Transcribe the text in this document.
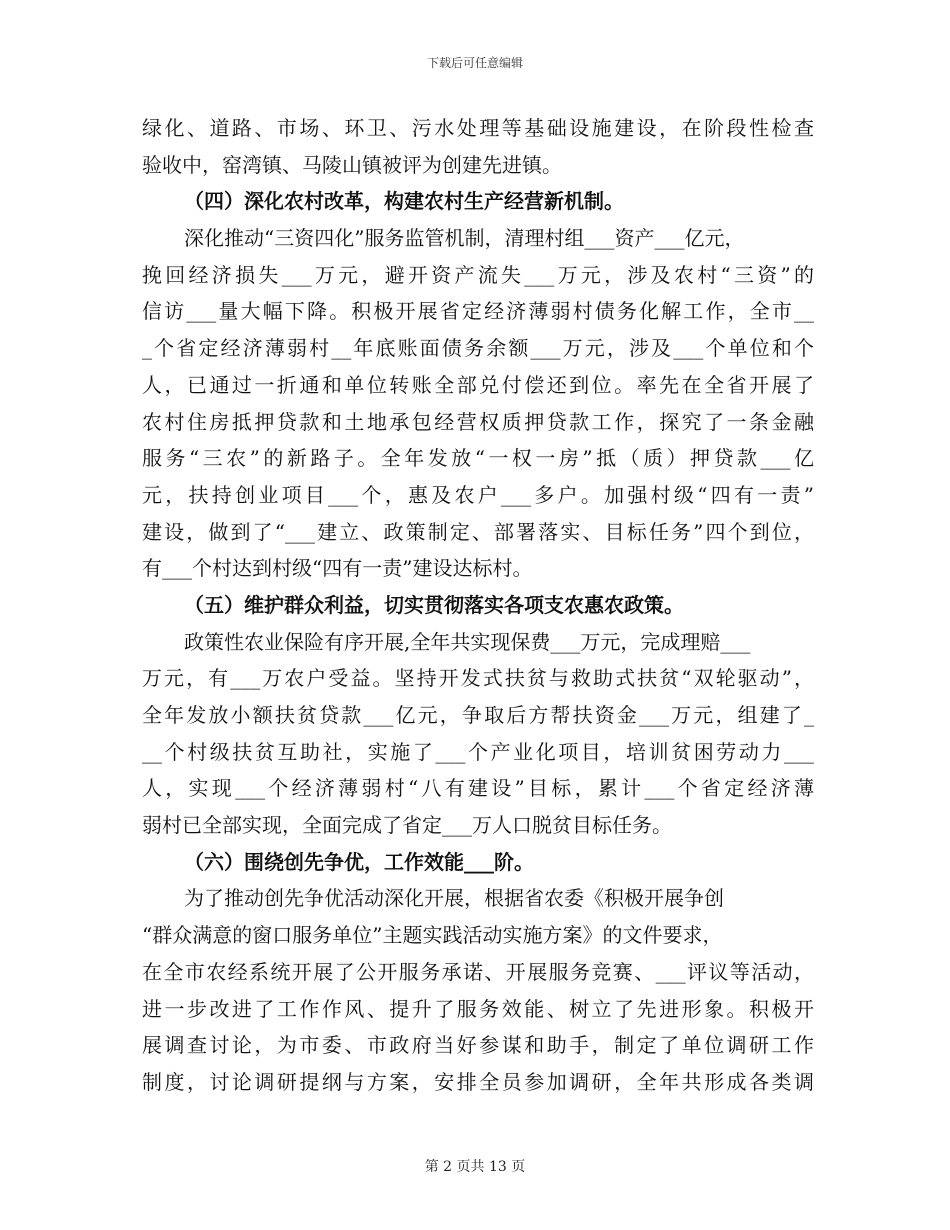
下载后可任意编辑
绿化、道路、市场、环卫、污水处理等基础设施建设，在阶段性检查
验收中，窑湾镇、马陵山镇被评为创建先进镇。
（四）深化农村改革，构建农村生产经营新机制。
深化推动“三资四化”服务监管机制，清理村组___资产___亿元，
挽回经济损失___万元，避开资产流失___万元，涉及农村“三资”的
信访___量大幅下降。积极开展省定经济薄弱村债务化解工作，全市__
_个省定经济薄弱村__年底账面债务余额___万元，涉及___个单位和个
人，已通过一折通和单位转账全部兑付偿还到位。率先在全省开展了
农村住房抵押贷款和土地承包经营权质押贷款工作，探究了一条金融
服务“三农”的新路子。全年发放“一权一房”抵（质）押贷款___亿
元，扶持创业项目___个，惠及农户___多户。加强村级“四有一责”
建设，做到了“___建立、政策制定、部署落实、目标任务”四个到位，
有___个村达到村级“四有一责”建设达标村。
（五）维护群众利益，切实贯彻落实各项支农惠农政策。
政策性农业保险有序开展,全年共实现保费___万元，完成理赔___
万元，有___万农户受益。坚持开发式扶贫与救助式扶贫“双轮驱动”，
全年发放小额扶贫贷款___亿元，争取后方帮扶资金___万元，组建了_
__个村级扶贫互助社，实施了___个产业化项目，培训贫困劳动力___
人，实现___个经济薄弱村“八有建设”目标，累计___个省定经济薄
弱村已全部实现，全面完成了省定___万人口脱贫目标任务。
（六）围绕创先争优，工作效能___阶。
为了推动创先争优活动深化开展，根据省农委《积极开展争创
“群众满意的窗口服务单位”主题实践活动实施方案》的文件要求，
在全市农经系统开展了公开服务承诺、开展服务竞赛、___评议等活动，
进一步改进了工作作风、提升了服务效能、树立了先进形象。积极开
展调查讨论，为市委、市政府当好参谋和助手，制定了单位调研工作
制度，讨论调研提纲与方案，安排全员参加调研，全年共形成各类调
第 2 页共 13 页
